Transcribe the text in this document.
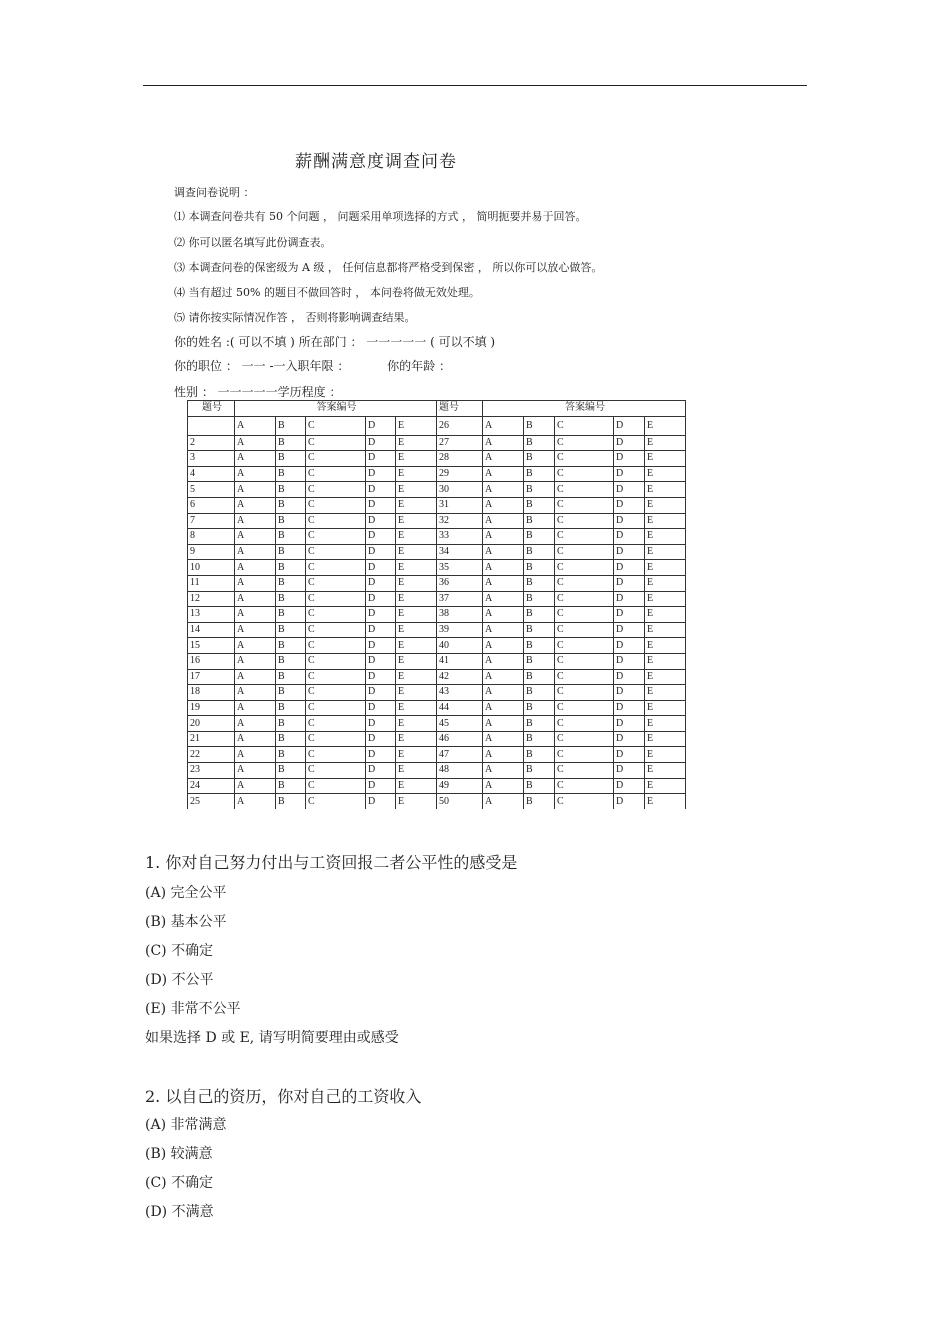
薪酬满意度调查问卷
调查问卷说明 ：
⑴ 本调查问卷共有 50 个问题 ， 问题采用单项选择的方式 ， 简明扼要并易于回答。
⑵ 你可以匿名填写此份调查表。
⑶ 本调查问卷的保密级为 A 级 ， 任何信息都将严格受到保密 ， 所以你可以放心做答。
⑷ 当有超过 50% 的题目不做回答时 ， 本问卷将做无效处理。
⑸ 请你按实际情况作答 ， 否则将影响调查结果。
你的姓名 :( 可以不填 ) 所在部门 ： 一一一一一 ( 可以不填 )
你的职位 ： 一一 -一入职年限 ：	你的年龄 ：
性别 ： 一一一一一学历程度 ：
题号	答案编号					题号	答案编号				
	A	B	C	D	E	26	A	B	C	D	E
2	A	B	C	D	E	27	A	B	C	D	E
3	A	B	C	D	E	28	A	B	C	D	E
4	A	B	C	D	E	29	A	B	C	D	E
5	A	B	C	D	E	30	A	B	C	D	E
6	A	B	C	D	E	31	A	B	C	D	E
7	A	B	C	D	E	32	A	B	C	D	E
8	A	B	C	D	E	33	A	B	C	D	E
9	A	B	C	D	E	34	A	B	C	D	E
10	A	B	C	D	E	35	A	B	C	D	E
11	A	B	C	D	E	36	A	B	C	D	E
12	A	B	C	D	E	37	A	B	C	D	E
13	A	B	C	D	E	38	A	B	C	D	E
14	A	B	C	D	E	39	A	B	C	D	E
15	A	B	C	D	E	40	A	B	C	D	E
16	A	B	C	D	E	41	A	B	C	D	E
17	A	B	C	D	E	42	A	B	C	D	E
18	A	B	C	D	E	43	A	B	C	D	E
19	A	B	C	D	E	44	A	B	C	D	E
20	A	B	C	D	E	45	A	B	C	D	E
21	A	B	C	D	E	46	A	B	C	D	E
22	A	B	C	D	E	47	A	B	C	D	E
23	A	B	C	D	E	48	A	B	C	D	E
24	A	B	C	D	E	49	A	B	C	D	E
25	A	B	C	D	E	50	A	B	C	D	E
1. 你对自己努力付出与工资回报二者公平性的感受是
(A) 完全公平
(B) 基本公平
(C) 不确定
(D) 不公平
(E) 非常不公平
如果选择 D 或 E, 请写明简要理由或感受
2. 以自己的资历，你对自己的工资收入
(A) 非常满意
(B) 较满意
(C) 不确定
(D) 不满意
